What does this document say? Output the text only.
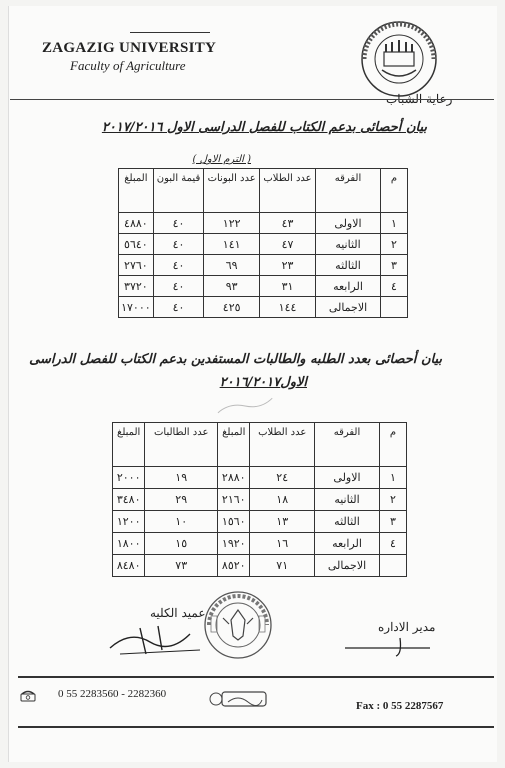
ZAGAZIG UNIVERSITY
Faculty of Agriculture
رعاية الشباب
بيان أحصائى بدعم الكتاب للفصل الدراسى الاول ٢٠١٧/٢٠١٦
( الترم الاول )
م	الفرقه	عدد الطلاب	عدد البونات	قيمة البون	المبلغ
١	الاولى	٤٣	١٢٢	٤٠	٤٨٨٠
٢	الثانيه	٤٧	١٤١	٤٠	٥٦٤٠
٣	الثالثه	٢٣	٦٩	٤٠	٢٧٦٠
٤	الرابعه	٣١	٩٣	٤٠	٣٧٢٠
	الاجمالى	١٤٤	٤٢٥	٤٠	١٧٠٠٠
بيان أحصائى بعدد الطلبه والطالبات المستفدين بدعم الكتاب للفصل الدراسى
الاول٢٠١٦/٢٠١٧
م	الفرقه	عدد الطلاب	المبلغ	عدد الطالبات	المبلغ
١	الاولى	٢٤	٢٨٨٠	١٩	٢٠٠٠
٢	الثانيه	١٨	٢١٦٠	٢٩	٣٤٨٠
٣	الثالثه	١٣	١٥٦٠	١٠	١٢٠٠
٤	الرابعه	١٦	١٩٢٠	١٥	١٨٠٠
	الاجمالى	٧١	٨٥٢٠	٧٣	٨٤٨٠
عميد الكليه
مدير الاداره
0 55 2283560 - 2282360
Fax : 0 55 2287567
